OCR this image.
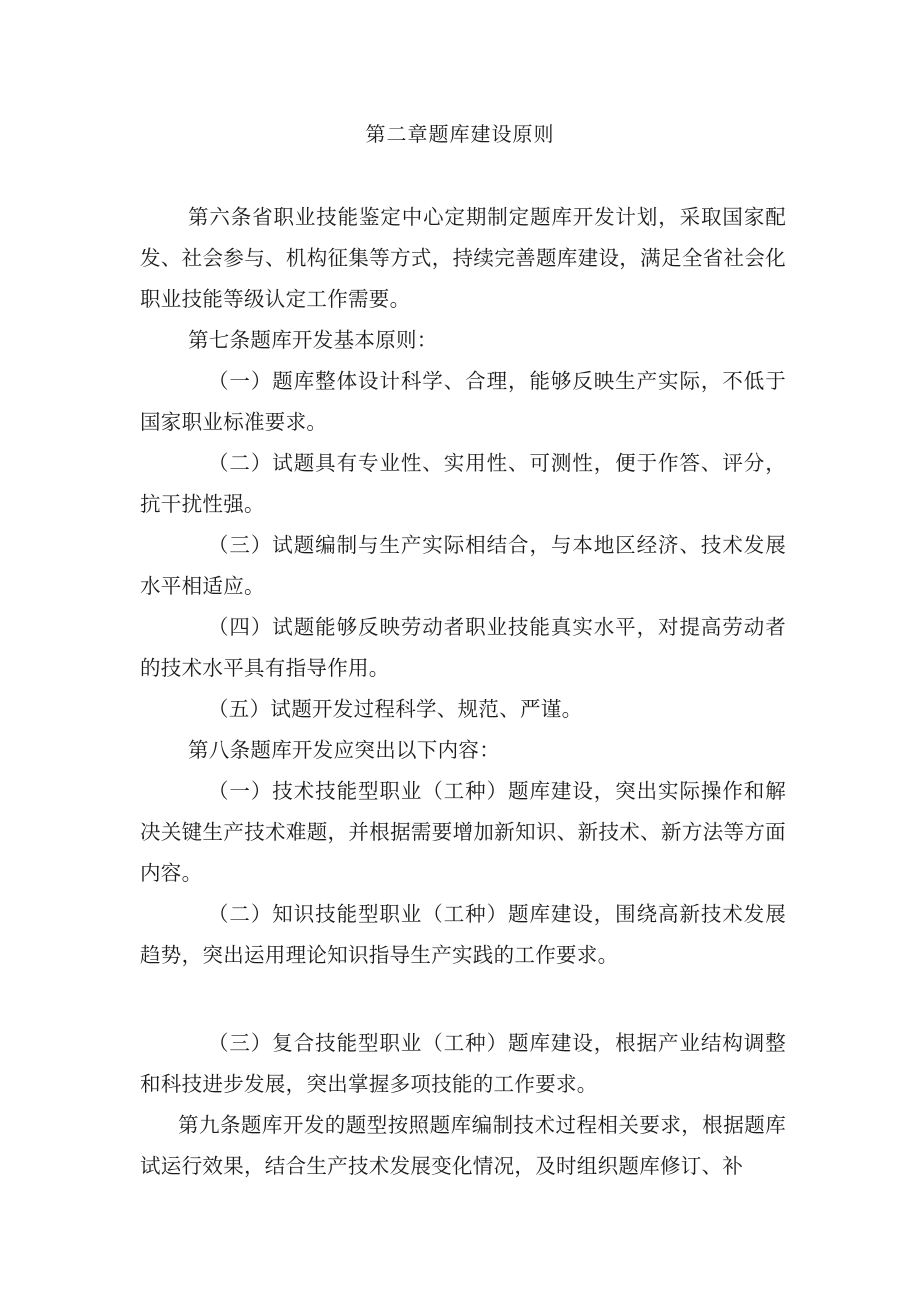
第二章题库建设原则

第六条省职业技能鉴定中心定期制定题库开发计划，采取国家配发、社会参与、机构征集等方式，持续完善题库建设，满足全省社会化职业技能等级认定工作需要。

第七条题库开发基本原则：

（一）题库整体设计科学、合理，能够反映生产实际，不低于国家职业标准要求。

（二）试题具有专业性、实用性、可测性，便于作答、评分，抗干扰性强。

（三）试题编制与生产实际相结合，与本地区经济、技术发展水平相适应。

（四）试题能够反映劳动者职业技能真实水平，对提高劳动者的技术水平具有指导作用。

（五）试题开发过程科学、规范、严谨。

第八条题库开发应突出以下内容：

（一）技术技能型职业（工种）题库建设，突出实际操作和解决关键生产技术难题，并根据需要增加新知识、新技术、新方法等方面内容。

（二）知识技能型职业（工种）题库建设，围绕高新技术发展趋势，突出运用理论知识指导生产实践的工作要求。

（三）复合技能型职业（工种）题库建设，根据产业结构调整和科技进步发展，突出掌握多项技能的工作要求。

第九条题库开发的题型按照题库编制技术过程相关要求，根据题库试运行效果，结合生产技术发展变化情况，及时组织题库修订、补
